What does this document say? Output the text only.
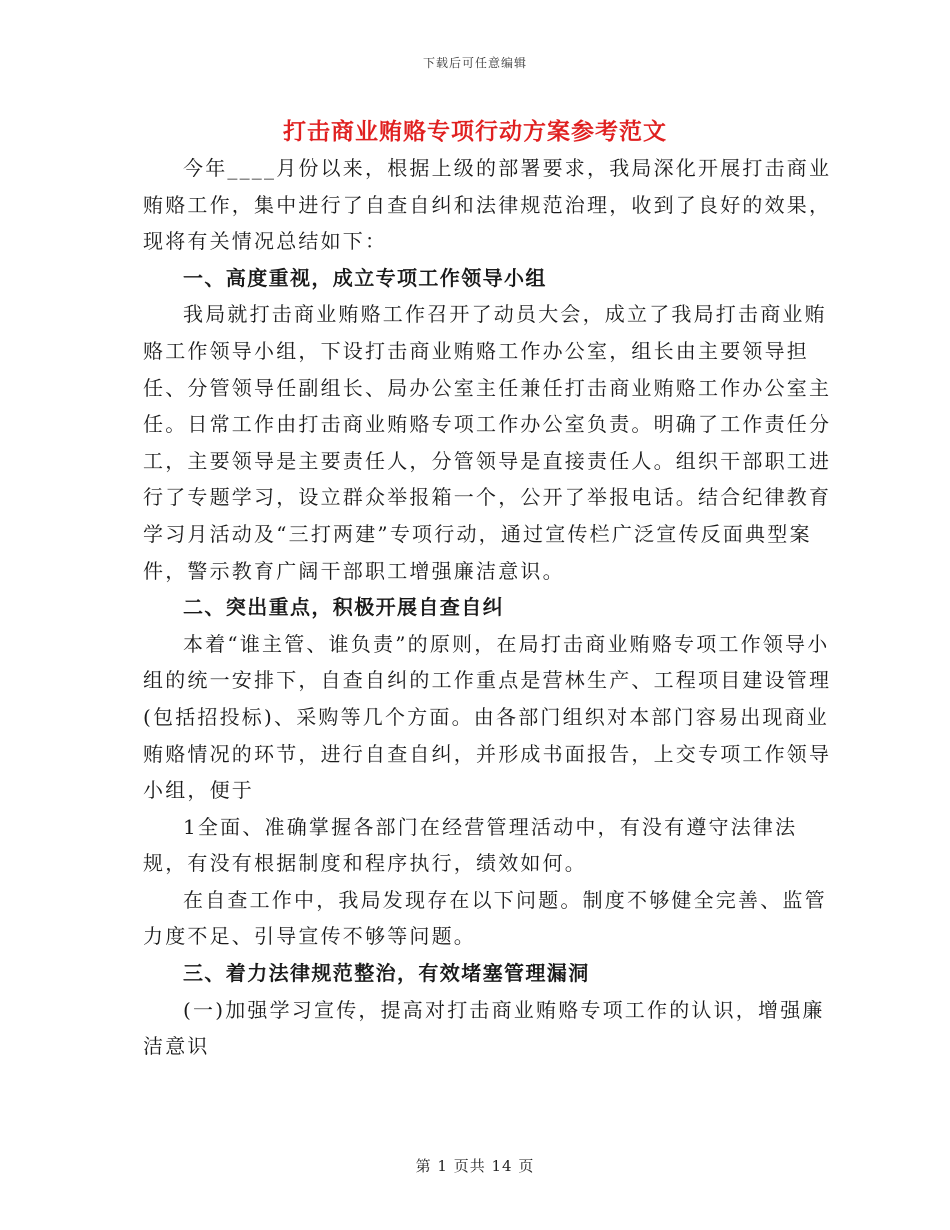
下载后可任意编辑
打击商业贿赂专项行动方案参考范文

今年____月份以来，根据上级的部署要求，我局深化开展打击商业贿赂工作，集中进行了自查自纠和法律规范治理，收到了良好的效果，现将有关情况总结如下：

一、高度重视，成立专项工作领导小组

我局就打击商业贿赂工作召开了动员大会，成立了我局打击商业贿赂工作领导小组，下设打击商业贿赂工作办公室，组长由主要领导担任、分管领导任副组长、局办公室主任兼任打击商业贿赂工作办公室主任。日常工作由打击商业贿赂专项工作办公室负责。明确了工作责任分工，主要领导是主要责任人，分管领导是直接责任人。组织干部职工进行了专题学习，设立群众举报箱一个，公开了举报电话。结合纪律教育学习月活动及“三打两建”专项行动，通过宣传栏广泛宣传反面典型案件，警示教育广阔干部职工增强廉洁意识。

二、突出重点，积极开展自查自纠

本着“谁主管、谁负责”的原则，在局打击商业贿赂专项工作领导小组的统一安排下，自查自纠的工作重点是营林生产、工程项目建设管理(包括招投标)、采购等几个方面。由各部门组织对本部门容易出现商业贿赂情况的环节，进行自查自纠，并形成书面报告，上交专项工作领导小组，便于

1全面、准确掌握各部门在经营管理活动中，有没有遵守法律法规，有没有根据制度和程序执行，绩效如何。

在自查工作中，我局发现存在以下问题。制度不够健全完善、监管力度不足、引导宣传不够等问题。

三、着力法律规范整治，有效堵塞管理漏洞

(一)加强学习宣传，提高对打击商业贿赂专项工作的认识，增强廉洁意识

第 1 页共 14 页
